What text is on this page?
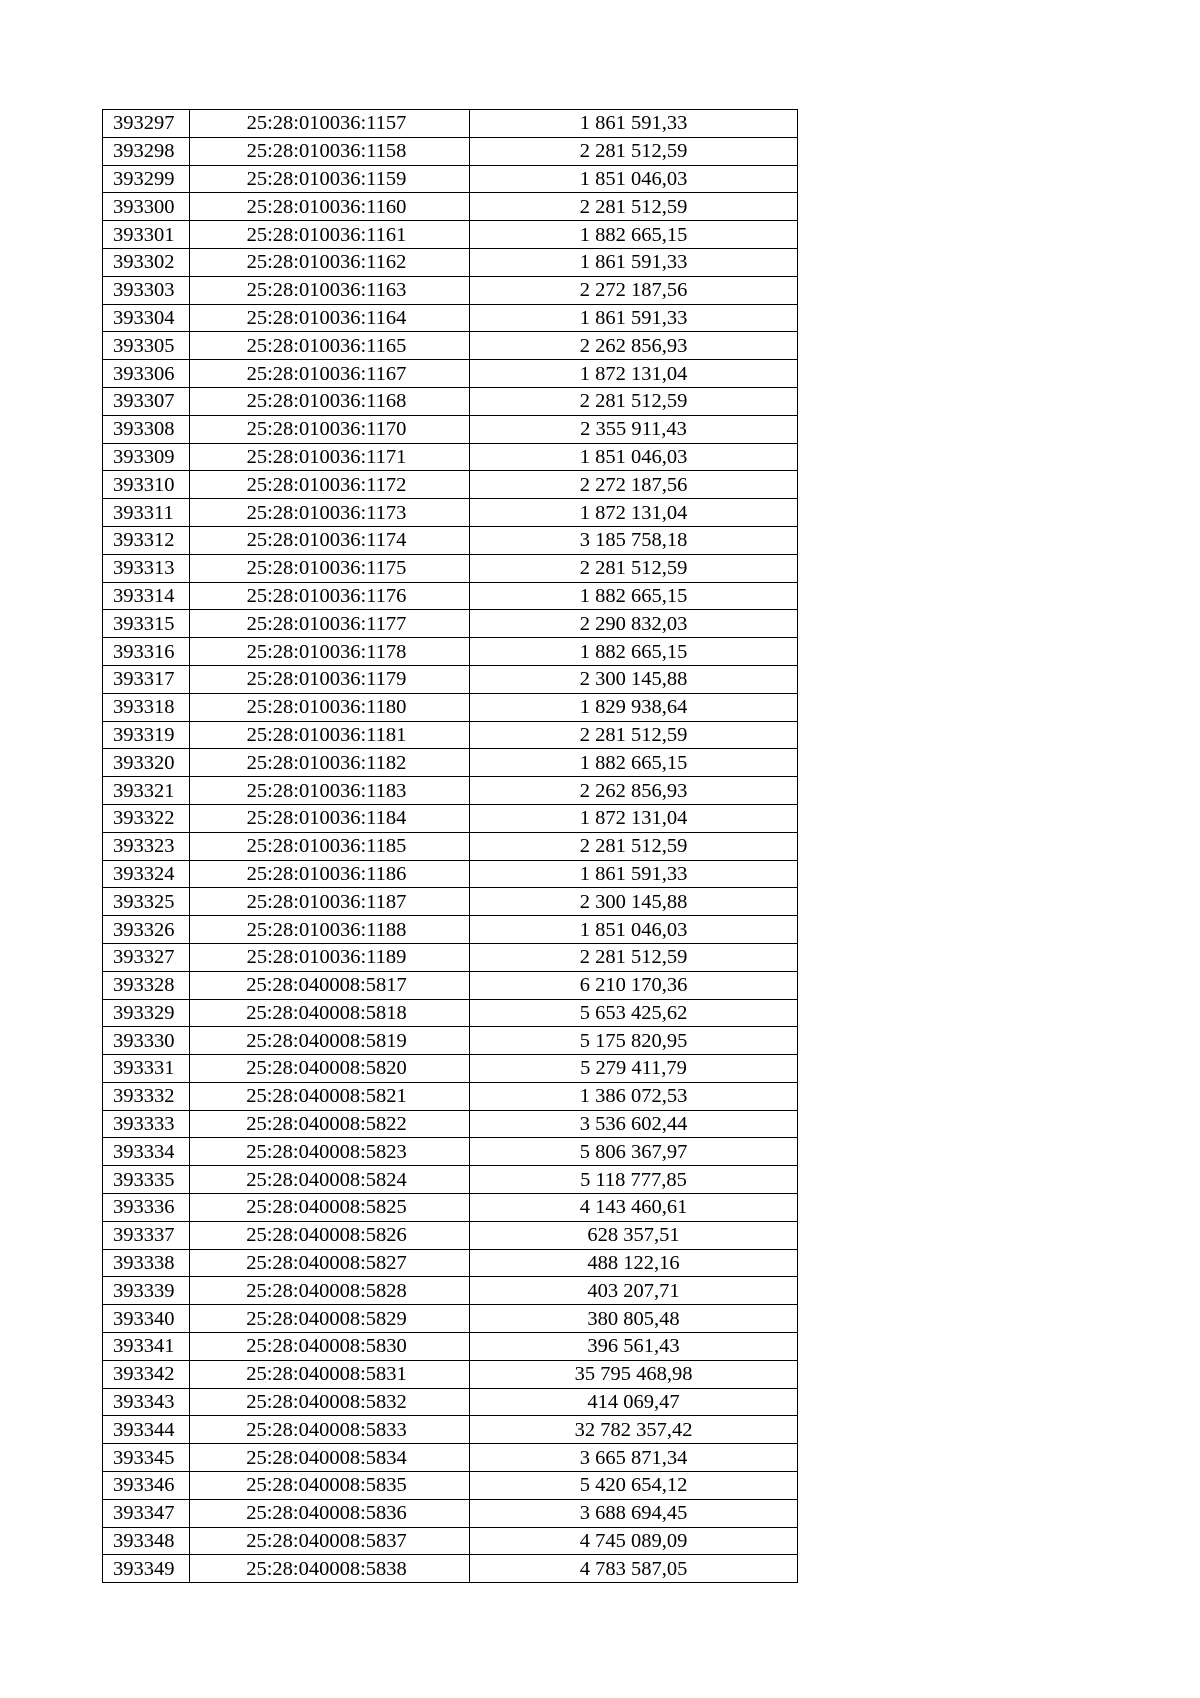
393297	25:28:010036:1157	1 861 591,33
393298	25:28:010036:1158	2 281 512,59
393299	25:28:010036:1159	1 851 046,03
393300	25:28:010036:1160	2 281 512,59
393301	25:28:010036:1161	1 882 665,15
393302	25:28:010036:1162	1 861 591,33
393303	25:28:010036:1163	2 272 187,56
393304	25:28:010036:1164	1 861 591,33
393305	25:28:010036:1165	2 262 856,93
393306	25:28:010036:1167	1 872 131,04
393307	25:28:010036:1168	2 281 512,59
393308	25:28:010036:1170	2 355 911,43
393309	25:28:010036:1171	1 851 046,03
393310	25:28:010036:1172	2 272 187,56
393311	25:28:010036:1173	1 872 131,04
393312	25:28:010036:1174	3 185 758,18
393313	25:28:010036:1175	2 281 512,59
393314	25:28:010036:1176	1 882 665,15
393315	25:28:010036:1177	2 290 832,03
393316	25:28:010036:1178	1 882 665,15
393317	25:28:010036:1179	2 300 145,88
393318	25:28:010036:1180	1 829 938,64
393319	25:28:010036:1181	2 281 512,59
393320	25:28:010036:1182	1 882 665,15
393321	25:28:010036:1183	2 262 856,93
393322	25:28:010036:1184	1 872 131,04
393323	25:28:010036:1185	2 281 512,59
393324	25:28:010036:1186	1 861 591,33
393325	25:28:010036:1187	2 300 145,88
393326	25:28:010036:1188	1 851 046,03
393327	25:28:010036:1189	2 281 512,59
393328	25:28:040008:5817	6 210 170,36
393329	25:28:040008:5818	5 653 425,62
393330	25:28:040008:5819	5 175 820,95
393331	25:28:040008:5820	5 279 411,79
393332	25:28:040008:5821	1 386 072,53
393333	25:28:040008:5822	3 536 602,44
393334	25:28:040008:5823	5 806 367,97
393335	25:28:040008:5824	5 118 777,85
393336	25:28:040008:5825	4 143 460,61
393337	25:28:040008:5826	628 357,51
393338	25:28:040008:5827	488 122,16
393339	25:28:040008:5828	403 207,71
393340	25:28:040008:5829	380 805,48
393341	25:28:040008:5830	396 561,43
393342	25:28:040008:5831	35 795 468,98
393343	25:28:040008:5832	414 069,47
393344	25:28:040008:5833	32 782 357,42
393345	25:28:040008:5834	3 665 871,34
393346	25:28:040008:5835	5 420 654,12
393347	25:28:040008:5836	3 688 694,45
393348	25:28:040008:5837	4 745 089,09
393349	25:28:040008:5838	4 783 587,05
